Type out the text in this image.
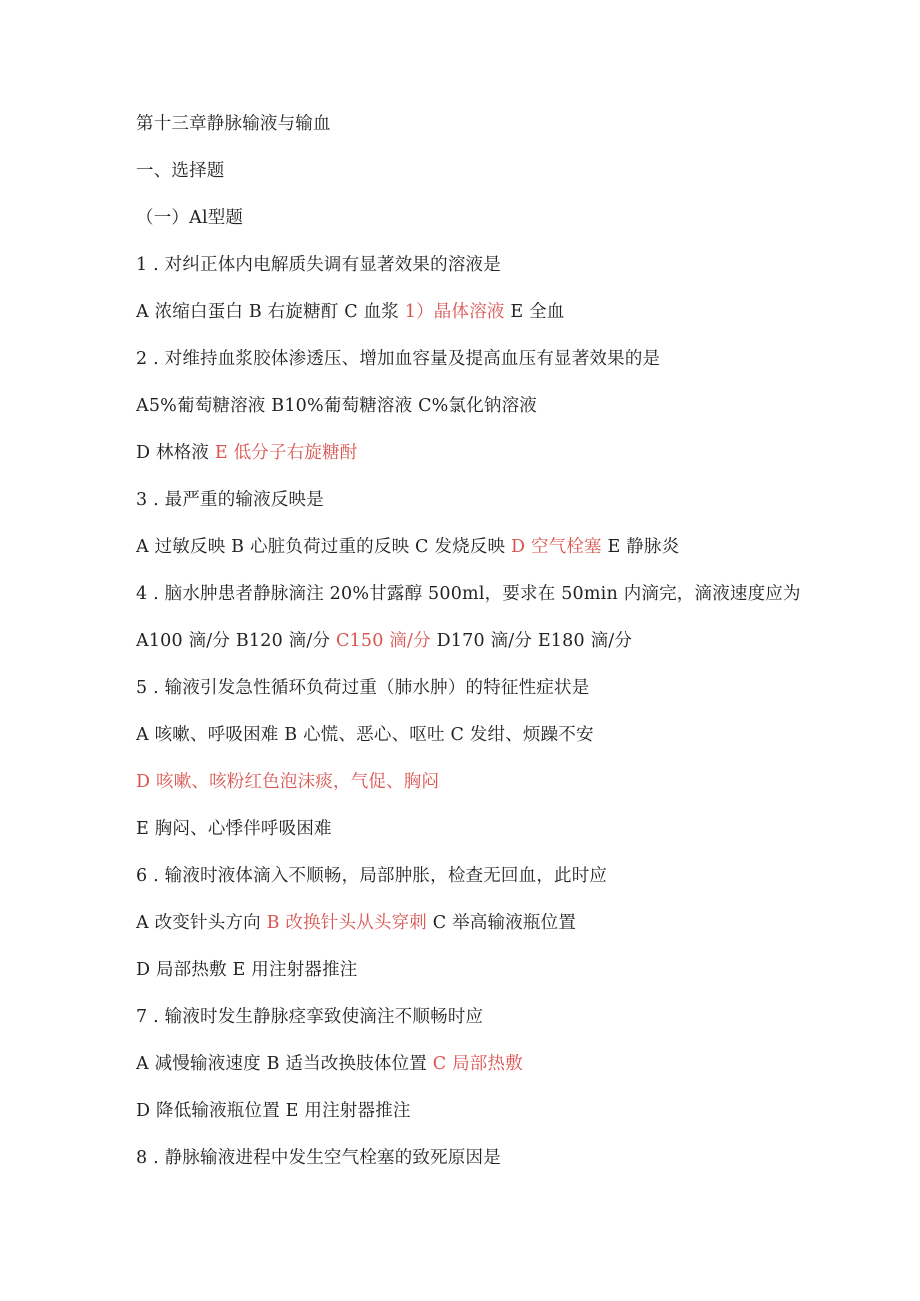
第十三章静脉输液与输血
一、选择题
（一）Al型题
1 . 对纠正体内电解质失调有显著效果的溶液是
A 浓缩白蛋白 B 右旋糖酊 C 血浆 1）晶体溶液 E 全血
2 . 对维持血浆胶体渗透压、增加血容量及提高血压有显著效果的是
A5%葡萄糖溶液 B10%葡萄糖溶液 C%氯化钠溶液
D 林格液 E 低分子右旋糖酎
3 . 最严重的输液反映是
A 过敏反映 B 心脏负荷过重的反映 C 发烧反映 D 空气栓塞 E 静脉炎
4 . 脑水肿患者静脉滴注 20%甘露醇 500ml，要求在 50min 内滴完，滴液速度应为
A100 滴/分 B120 滴/分 C150 滴/分 D170 滴/分 E180 滴/分
5 . 输液引发急性循环负荷过重（肺水肿）的特征性症状是
A 咳嗽、呼吸困难 B 心慌、恶心、呕吐 C 发绀、烦躁不安
D 咳嗽、咳粉红色泡沫痰，气促、胸闷
E 胸闷、心悸伴呼吸困难
6 . 输液时液体滴入不顺畅，局部肿胀，检查无回血，此时应
A 改变针头方向 B 改换针头从头穿刺 C 举高输液瓶位置
D 局部热敷 E 用注射器推注
7 . 输液时发生静脉痉挛致使滴注不顺畅时应
A 减慢输液速度 B 适当改换肢体位置 C 局部热敷
D 降低输液瓶位置 E 用注射器推注
8 . 静脉输液进程中发生空气栓塞的致死原因是
